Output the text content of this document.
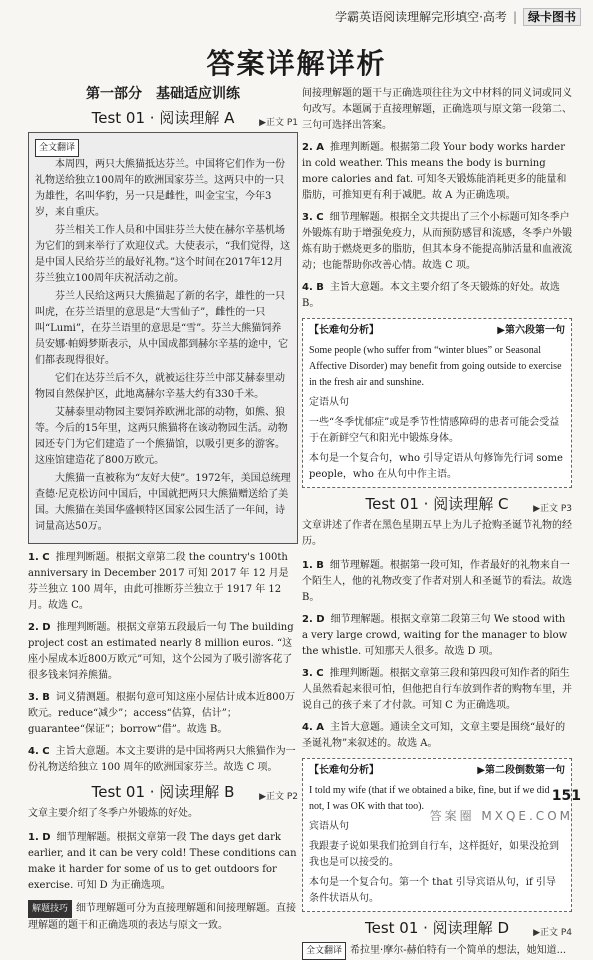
学霸英语阅读理解完形填空·高考 | 绿卡图书
答案详解详析
第一部分　基础适应训练
Test 01 · 阅读理解 A	▶正文 P1
全文翻译
本周四，两只大熊猫抵达芬兰。中国将它们作为一份礼物送给独立100周年的欧洲国家芬兰。这两只中的一只为雄性，名叫华豹，另一只是雌性，叫金宝宝，今年3岁，来自重庆。
芬兰相关工作人员和中国驻芬兰大使在赫尔辛基机场为它们的到来举行了欢迎仪式。大使表示，“我们觉得，这是中国人民给芬兰的最好礼物。”这个时间在2017年12月芬兰独立100周年庆祝活动之前。
芬兰人民给这两只大熊猫起了新的名字，雄性的一只叫虎，在芬兰语里的意思是“大雪仙子”，雌性的一只叫“Lumi”，在芬兰语里的意思是“雪”。芬兰大熊猫饲养员安娜·帕姆梦斯表示，从中国成都到赫尔辛基的途中，它们都表现得很好。
它们在达芬兰后不久，就被运往芬兰中部艾赫泰里动物园自然保护区，此地离赫尔辛基大约有330千米。
艾赫泰里动物园主要饲养欧洲北部的动物，如熊、狼等。今后的15年里，这两只熊猫将在该动物园生活。动物园还专门为它们建造了一个熊猫馆，以吸引更多的游客。这座馆建造花了800万欧元。
大熊猫一直被称为“友好大使”。1972年，美国总统理查德·尼克松访问中国后，中国就把两只大熊猫赠送给了美国。大熊猫在美国华盛顿特区国家公园生活了一年间，诗词量高达50万。
1. C 推理判断题。根据文章第二段 the country's 100th anniversary in December 2017 可知 2017 年 12 月是芬兰独立 100 周年，由此可推断芬兰独立于 1917 年 12 月。故选 C。
2. D 推理判断题。根据文章第五段最后一句 The building project cost an estimated nearly 8 million euros. “这座小屋成本近800万欧元”可知，这个公园为了吸引游客花了很多钱来饲养熊猫。
3. B 词义猜测题。根据句意可知这座小屋估计成本近800万欧元。reduce“减少”；access“估算，估计”；guarantee“保证”；borrow“借”。故选 B。
4. C 主旨大意题。本文主要讲的是中国将两只大熊猫作为一份礼物送给独立 100 周年的欧洲国家芬兰。故选 C 项。
Test 01 · 阅读理解 B	▶正文 P2
文章主要介绍了冬季户外锻炼的好处。
1. D 细节理解题。根据文章第一段 The days get dark earlier, and it can be very cold! These conditions can make it harder for some of us to get outdoors for exercise. 可知 D 为正确选项。
解题技巧 细节理解题可分为直接理解题和间接理解题。直接理解题的题干和正确选项的表达与原文一致。
间接理解题的题干与正确选项往往为文中材料的同义词或同义句改写。本题属于直接理解题，正确选项与原文第一段第二、三句可选择出答案。
2. A 推理判断题。根据第二段 Your body works harder in cold weather. This means the body is burning more calories and fat. 可知冬天锻炼能消耗更多的能量和脂肪，可推知更有利于减肥。故 A 为正确选项。
3. C 细节理解题。根据全文共提出了三个小标题可知冬季户外锻炼有助于增强免疫力，从而预防感冒和流感，冬季户外锻炼有助于燃烧更多的脂肪，但其本身不能提高肺活量和血液流动；也能帮助你改善心情。故选 C 项。
4. B 主旨大意题。本文主要介绍了冬天锻炼的好处。故选 B。
【长难句分析】	▶第六段第一句
Some people (who suffer from “winter blues” or Seasonal Affective Disorder) may benefit from going outside to exercise in the fresh air and sunshine.
定语从句
一些“冬季忧郁症”或是季节性情感障碍的患者可能会受益于在新鲜空气和阳光中锻炼身体。
本句是一个复合句，who 引导定语从句修饰先行词 some people，who 在从句中作主语。
Test 01 · 阅读理解 C	▶正文 P3
文章讲述了作者在黑色星期五早上为儿子抢购圣诞节礼物的经历。
1. B 细节理解题。根据第一段可知，作者最好的礼物来自一个陌生人，他的礼物改变了作者对别人和圣诞节的看法。故选 B。
2. D 细节理解题。根据文章第二段第三句 We stood with a very large crowd, waiting for the manager to blow the whistle. 可知那天人很多。故选 D 项。
3. C 推理判断题。根据文章第三段和第四段可知作者的陌生人虽然看起来很可怕，但他把自行车放到作者的购物车里，并说自己的孩子来了才付款。可知 C 为正确选项。
4. A 主旨大意题。通读全文可知，文章主要是围绕“最好的圣诞礼物”来叙述的。故选 A。
【长难句分析】	▶第二段倒数第一句
I told my wife (that if we obtained a bike, fine, but if we did not, I was OK with that too).
宾语从句
我跟妻子说如果我们抢到自行车，这样挺好，如果没抢到我也是可以接受的。
本句是一个复合句。第一个 that 引导宾语从句，if 引导条件状语从句。
Test 01 · 阅读理解 D	▶正文 P4
全文翻译 希拉里·摩尔-赫伯特有一个简单的想法，她知道...
151
答案圈 MXQE.COM
